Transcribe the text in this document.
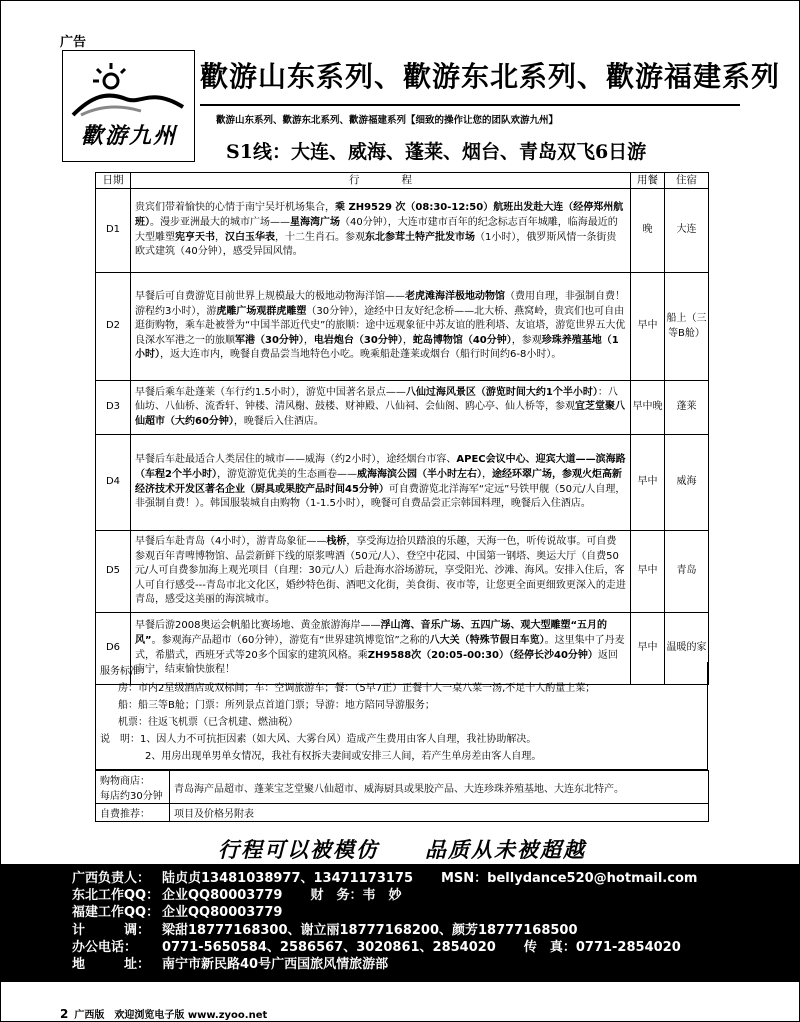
广告
歡游九州
歡游山东系列、歡游东北系列、歡游福建系列
歡游山东系列、歡游东北系列、歡游福建系列【细致的操作让您的团队欢游九州】
S1线：大连、威海、蓬莱、烟台、青岛双飞6日游
日期	行　　　　程	用餐	住宿
D1	贵宾们带着愉快的心情于南宁吴圩机场集合，乘 ZH9529 次（08:30-12:50）航班出发赴大连（经停郑州航班）。漫步亚洲最大的城市广场——星海湾广场（40分钟），大连市建市百年的纪念标志百年城雕，临海最近的大型雕塑宪亨天书，汉白玉华表，十二生肖石。参观东北参茸土特产批发市场（1小时），俄罗斯风情一条街贵欧式建筑（40分钟），感受异国风情。	晚	大连
D2	早餐后可自费游览目前世界上规模最大的极地动物海洋馆——老虎滩海洋极地动物馆（费用自理，非强制自费！游程约3小时），游虎雕广场观群虎雕塑（30分钟），途经中日友好纪念桥——北大桥、燕窝岭，贵宾们也可自由逛街购物，乘车赴被誉为“中国半部近代史”的旅顺：途中远观象征中苏友谊的胜利塔、友谊塔，游览世界五大优良深水军港之一的旅顺军港（30分钟），电岩炮台（30分钟），蛇岛博物馆（40分钟），参观珍珠养殖基地（1小时），返大连市内，晚餐自费品尝当地特色小吃。晚乘船赴蓬莱或烟台（船行时间约6-8小时）。	早中	船上（三等B舱）
D3	早餐后乘车赴蓬莱（车行约1.5小时），游览中国著名景点——八仙过海风景区（游览时间大约1个半小时）：八仙坊、八仙桥、流香轩、钟楼、清风榭、鼓楼、财神殿、八仙祠、会仙阁、鸥心亭、仙人桥等，参观宜芝堂聚八仙超市（大约60分钟），晚餐后入住酒店。	早中晚	蓬莱
D4	早餐后车赴最适合人类居住的城市——威海（约2小时），途经烟台市容、APEC会议中心、迎宾大道——滨海路（车程2个半小时），游览游览优美的生态画卷——威海海滨公园（半小时左右），途经环翠广场，参观火炬高新经济技术开发区著名企业（厨具或果胶产品时间45分钟）可自费游览北洋海军“定远”号铁甲舰（50元/人自理，非强制自费！）。韩国服装城自由购物（1-1.5小时），晚餐可自费品尝正宗韩国料理，晚餐后入住酒店。	早中	威海
D5	早餐后车赴青岛（4小时），游青岛象征——栈桥，享受海边拾贝踏浪的乐趣，天海一色，听传说故事。可自费参观百年青啤博物馆、品尝新鲜下线的原浆啤酒（50元/人）、登空中花园、中国第一钢塔、奥运大厅（自费50元/人可自费参加海上观光项目（自理：30元/人）后赴海水浴场游玩，享受阳光、沙滩、海风。安排入住后，客人可自行感受---青岛市北文化区，婚纱特色街、酒吧文化街，美食街、夜市等，让您更全面更细致更深入的走进青岛，感受这美丽的海滨城市。	早中	青岛
D6	早餐后游2008奥运会帆船比赛场地、黄金旅游海岸——浮山湾、音乐广场、五四广场、观大型雕塑“五月的风”。参观海产品超市（60分钟），游览有“世界建筑博览馆”之称的八大关（特殊节假日车览）。这里集中了丹麦式，希腊式，西班牙式等20多个国家的建筑风格。乘ZH9588次（20:05-00:30）（经停长沙40分钟）返回南宁，结束愉快旅程！	早中	温暖的家
服务标准：
房：市内2星级酒店或双标间；车：空调旅游车；餐：（5早7正）正餐十人一桌八菜一汤,不足十人酌量上菜；
船：船三等B舱；门票：所列景点首道门票；导游：地方陪同导游服务；
机票：往返飞机票（已含机建、燃油税）
说　明：1、因人力不可抗拒因素（如大风、大雾台风）造成产生费用由客人自理，我社协助解决。
2、用房出现单男单女情况，我社有权拆夫妻间或安排三人间，若产生单房差由客人自理。
购物商店：
每店约30分钟	青岛海产品超市、蓬莱宝芝堂聚八仙超市、威海厨具或果胶产品、大连珍珠养殖基地、大连东北特产。
自费推荐：	项目及价格另附表
行程可以被模仿　　品质从未被超越
广西负责人： 陆贞贞13481038977、13471173175 MSN：bellydance520@hotmail.com
东北工作QQ： 企业QQ80003779 财　务：韦　妙
福建工作QQ： 企业QQ80003779
计　　　调： 梁甜18777168300、谢立丽18777168200、颜芳18777168500
办公电话： 0771-5650584、2586567、3020861、2854020 传　真：0771-2854020
地　　　址： 南宁市新民路40号广西国旅风情旅游部
2 广西版　欢迎浏览电子版 www.zyoo.net
